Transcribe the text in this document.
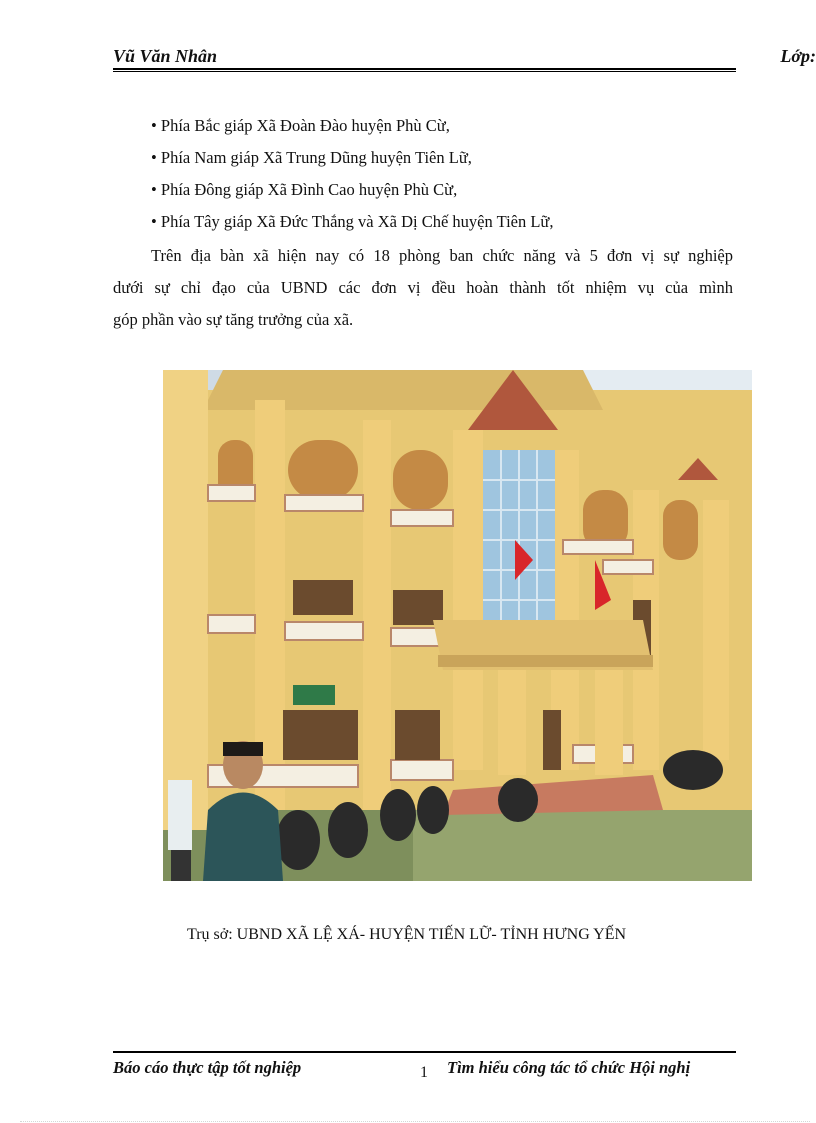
Vũ Văn Nhân	Lớp:
• Phía Bắc giáp Xã Đoàn Đào huyện Phù Cừ,
• Phía Nam giáp Xã Trung Dũng huyện Tiên Lữ,
• Phía Đông giáp Xã Đình Cao huyện Phù Cừ,
• Phía Tây giáp Xã Đức Thắng và Xã Dị Chế huyện Tiên Lữ,
Trên địa bàn xã hiện nay có 18 phòng ban chức năng và 5 đơn vị sự nghiệp
dưới sự chỉ đạo của UBND các đơn vị đều hoàn thành tốt nhiệm vụ của mình
góp phần vào sự tăng trưởng của xã.
Trụ sở: UBND XÃ LỆ XÁ- HUYỆN TIẾN LỮ- TỈNH HƯNG YẾN
Báo cáo thực tập tốt nghiệp	1 Tìm hiểu công tác tổ chức Hội nghị
